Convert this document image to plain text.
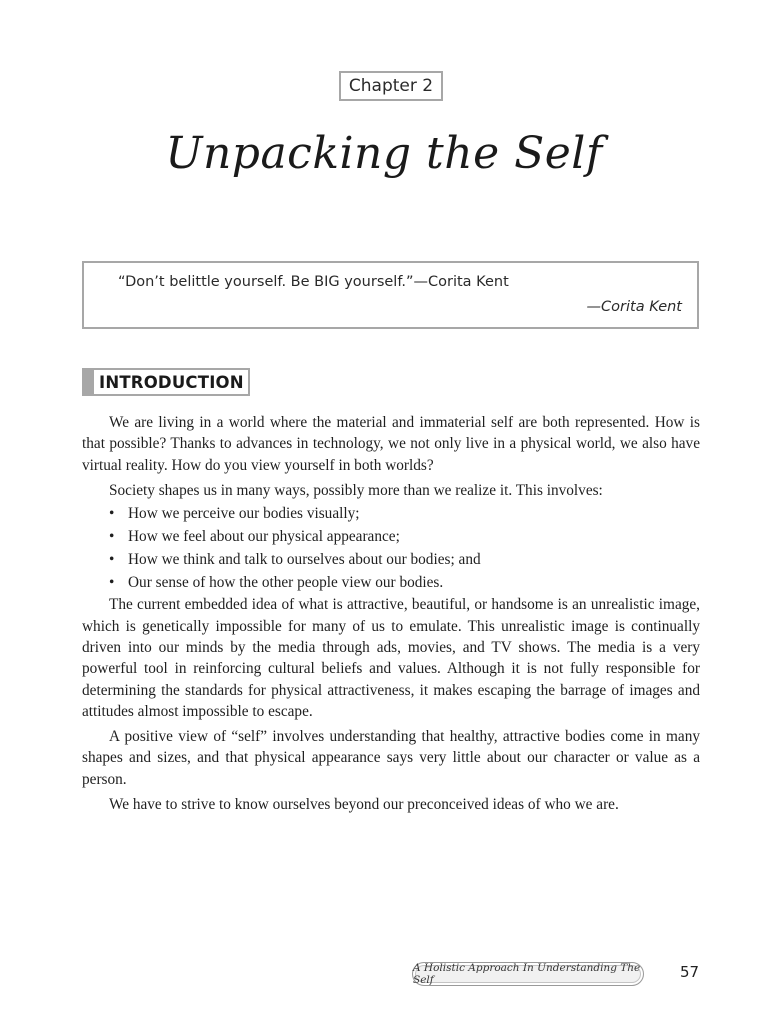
Chapter 2
Unpacking the Self
“Don’t belittle yourself. Be BIG yourself.”—Corita Kent
—Corita Kent
INTRODUCTION

We are living in a world where the material and immaterial self are both represented. How is that possible? Thanks to advances in technology, we not only live in a physical world, we also have virtual reality. How do you view yourself in both worlds?

Society shapes us in many ways, possibly more than we realize it. This involves:

• How we perceive our bodies visually;
• How we feel about our physical appearance;
• How we think and talk to ourselves about our bodies; and
• Our sense of how the other people view our bodies.

The current embedded idea of what is attractive, beautiful, or handsome is an unrealistic image, which is genetically impossible for many of us to emulate. This unrealistic image is continually driven into our minds by the media through ads, movies, and TV shows. The media is a very powerful tool in reinforcing cultural beliefs and values. Although it is not fully responsible for determining the standards for physical attractiveness, it makes escaping the barrage of images and attitudes almost impossible to escape.

A positive view of “self” involves understanding that healthy, attractive bodies come in many shapes and sizes, and that physical appearance says very little about our character or value as a person.

We have to strive to know ourselves beyond our preconceived ideas of who we are.

A Holistic Approach In Understanding The Self	57
